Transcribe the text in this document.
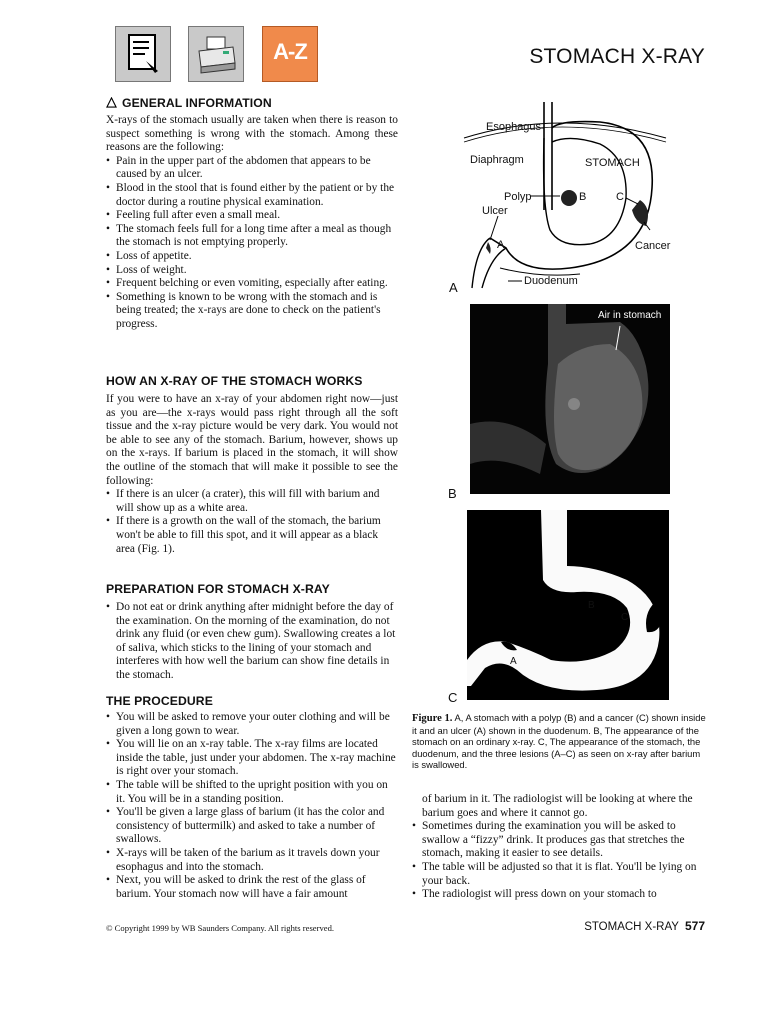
A-Z	STOMACH X-RAY
GENERAL INFORMATION

X-rays of the stomach usually are taken when there is reason to suspect something is wrong with the stomach. Among these reasons are the following:

• Pain in the upper part of the abdomen that appears to be caused by an ulcer.
• Blood in the stool that is found either by the patient or by the doctor during a routine physical examination.
• Feeling full after even a small meal.
• The stomach feels full for a long time after a meal as though the stomach is not emptying properly.
• Loss of appetite.
• Loss of weight.
• Frequent belching or even vomiting, especially after eating.
• Something is known to be wrong with the stomach and is being treated; the x-rays are done to check on the patient's progress.
HOW AN X-RAY OF THE STOMACH WORKS

If you were to have an x-ray of your abdomen right now—just as you are—the x-rays would pass right through all the soft tissue and the x-ray picture would be very dark. You would not be able to see any of the stomach. Barium, however, shows up on the x-rays. If barium is placed in the stomach, it will show the outline of the stomach that will make it possible to see the following:

• If there is an ulcer (a crater), this will fill with barium and will show up as a white area.
• If there is a growth on the wall of the stomach, the barium won't be able to fill this spot, and it will appear as a black area (Fig. 1).
PREPARATION FOR STOMACH X-RAY
• Do not eat or drink anything after midnight before the day of the examination. On the morning of the examination, do not drink any fluid (or even chew gum). Swallowing creates a lot of saliva, which sticks to the lining of your stomach and interferes with how well the barium can show fine details in the stomach.
THE PROCEDURE
• You will be asked to remove your outer clothing and will be given a long gown to wear.
• You will lie on an x-ray table. The x-ray films are located inside the table, just under your abdomen. The x-ray machine is right over your stomach.
• The table will be shifted to the upright position with you on it. You will be in a standing position.
• You'll be given a large glass of barium (it has the color and consistency of buttermilk) and asked to take a number of swallows.
• X-rays will be taken of the barium as it travels down your esophagus and into the stomach.
• Next, you will be asked to drink the rest of the glass of barium. Your stomach now will have a fair amount

of barium in it. The radiologist will be looking at where the barium goes and where it cannot go.

• Sometimes during the examination you will be asked to swallow a “fizzy” drink. It produces gas that stretches the stomach, making it easier to see details.
• The table will be adjusted so that it is flat. You'll be lying on your back.
• The radiologist will press down on your stomach to
Esophagus
Diaphragm	STOMACH
Polyp
Ulcer
B	C
A	Cancer
Duodenum
A
Air in stomach
B
B
C
A
C
Figure 1. A, A stomach with a polyp (B) and a cancer (C) shown inside it and an ulcer (A) shown in the duodenum. B, The appearance of the stomach on an ordinary x-ray. C, The appearance of the stomach, the duodenum, and the three lesions (A–C) as seen on x-ray after barium is swallowed.
© Copyright 1999 by WB Saunders Company. All rights reserved.	STOMACH X-RAY 577
